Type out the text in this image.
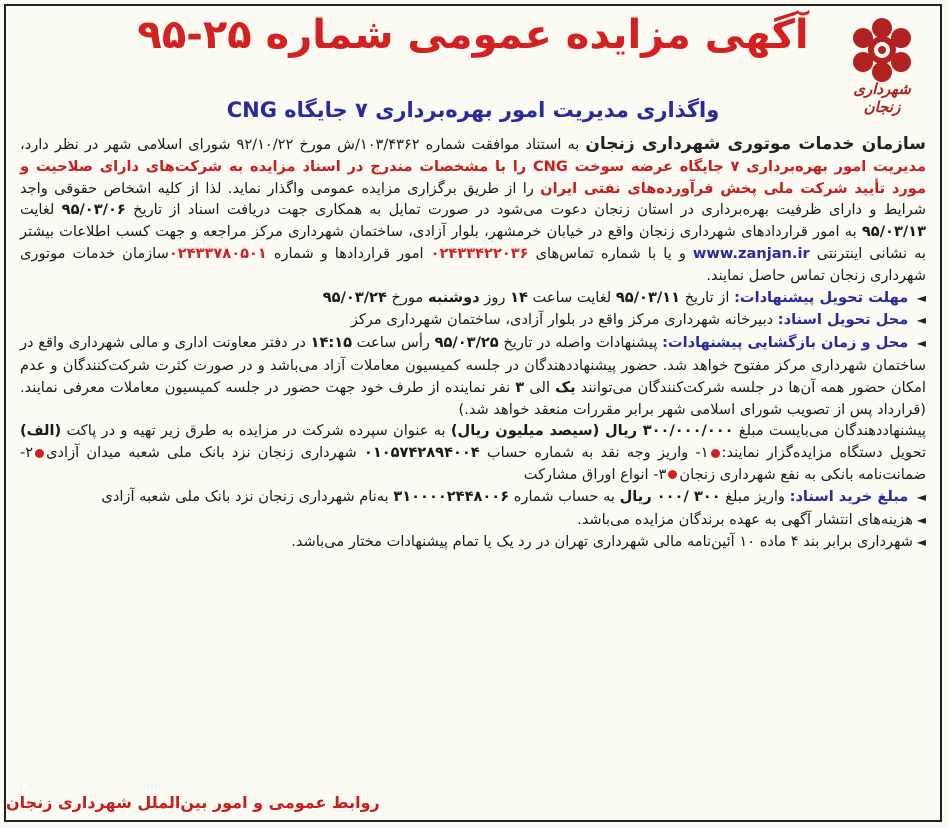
شهرداری زنجان
آگهی مزایده عمومی شماره ۲۵-۹۵
واگذاری مدیریت امور بهره‌برداری ۷ جایگاه CNG

سازمان خدمات موتوری شهرداری زنجان به استناد موافقت شماره ۱۰۳/۴۳۶۲/ش مورخ ۹۲/۱۰/۲۲ شورای اسلامی شهر در نظر دارد، مدیریت امور بهره‌برداری ۷ جایگاه عرضه سوخت CNG را با مشخصات مندرج در اسناد مزایده به شرکت‌های دارای صلاحیت و مورد تأیید شرکت ملی پخش فرآورده‌های نفتی ایران را از طریق برگزاری مزایده عمومی واگذار نماید. لذا از کلیه اشخاص حقوقی واجد شرایط و دارای ظرفیت بهره‌برداری در استان زنجان دعوت می‌شود در صورت تمایل به همکاری جهت دریافت اسناد از تاریخ ۹۵/۰۳/۰۶ لغایت ۹۵/۰۳/۱۳ به امور قراردادهای شهرداری زنجان واقع در خیابان خرمشهر، بلوار آزادی، ساختمان شهرداری مرکز مراجعه و جهت کسب اطلاعات بیشتر به نشانی اینترنتی www.zanjan.ir و یا با شماره تماس‌های ۰۲۴۳۳۴۲۲۰۳۶ امور قراردادها و شماره ۰۲۴۳۳۷۸۰۵۰۱سازمان خدمات موتوری شهرداری زنجان تماس حاصل نمایند.

◄ مهلت تحویل پیشنهادات: از تاریخ ۹۵/۰۳/۱۱ لغایت ساعت ۱۴ روز دوشنبه مورخ ۹۵/۰۳/۲۴

◄ محل تحویل اسناد: دبیرخانه شهرداری مرکز واقع در بلوار آزادی، ساختمان شهرداری مرکز

◄ محل و زمان بازگشایی پیشنهادات: پیشنهادات واصله در تاریخ ۹۵/۰۳/۲۵ رأس ساعت ۱۴:۱۵ در دفتر معاونت اداری و مالی شهرداری واقع در ساختمان شهرداری مرکز مفتوح خواهد شد. حضور پیشنهاددهندگان در جلسه کمیسیون معاملات آزاد می‌باشد و در صورت کثرت شرکت‌کنندگان و عدم امکان حضور همه آن‌ها در جلسه شرکت‌کنندگان می‌توانند یک الی ۳ نفر نماینده از طرف خود جهت حضور در جلسه کمیسیون معاملات معرفی نمایند.(قرارداد پس از تصویب شورای اسلامی شهر برابر مقررات منعقد خواهد شد.)

پیشنهاددهندگان می‌بایست مبلغ ۳۰۰/۰۰۰/۰۰۰ ریال (سیصد میلیون ریال) به عنوان سپرده شرکت در مزایده به طرق زیر تهیه و در پاکت (الف) تحویل دستگاه مزایده‌گزار نمایند:۱- واریز وجه نقد به شماره حساب ۰۱۰۵۷۴۲۸۹۴۰۰۴ شهرداری زنجان نزد بانک ملی شعبه میدان آزادی۲- ضمانت‌نامه بانکی به نفع شهرداری زنجان۳- انواع اوراق مشارکت

◄ مبلغ خرید اسناد: واریز مبلغ ۳۰۰ /۰۰۰ ریال به حساب شماره ۳۱۰۰۰۰۲۴۴۸۰۰۶ به‌نام شهرداری زنجان نزد بانک ملی شعبه آزادی

◄ هزینه‌های انتشار آگهی به عهده برندگان مزایده می‌باشد.

◄ شهرداری برابر بند ۴ ماده ۱۰ آئین‌نامه مالی شهرداری تهران در رد یک یا تمام پیشنهادات مختار می‌باشد.

روابط عمومی و امور بین‌الملل شهرداری زنجان
